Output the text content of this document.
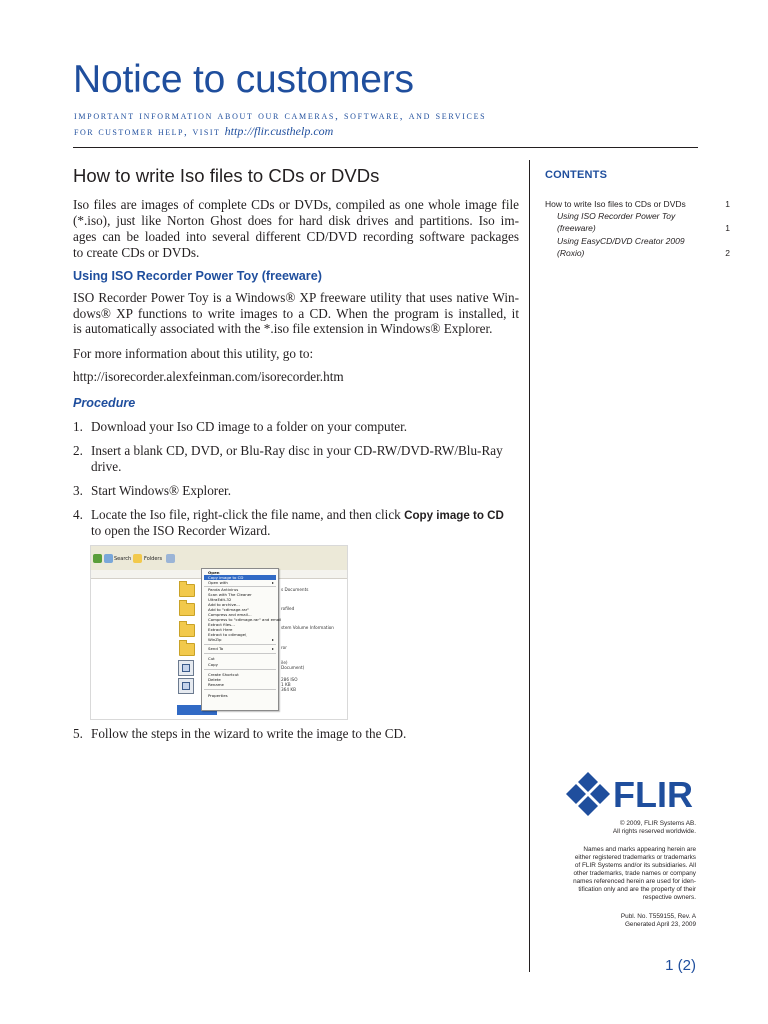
Notice to customers
important information about our cameras, software, and services
for customer help, visit http://flir.custhelp.com
How to write Iso files to CDs or DVDs
Iso files are images of complete CDs or DVDs, compiled as one whole image file
(*.iso), just like Norton Ghost does for hard disk drives and partitions. Iso im-
ages can be loaded into several different CD/DVD recording software packages
to create CDs or DVDs.
Using ISO Recorder Power Toy (freeware)
ISO Recorder Power Toy is a Windows® XP freeware utility that uses native Win-
dows® XP functions to write images to a CD. When the program is installed, it
is automatically associated with the *.iso file extension in Windows® Explorer.
For more information about this utility, go to:
http://isorecorder.alexfeinman.com/isorecorder.htm
Procedure
1. Download your Iso CD image to a folder on your computer.
2. Insert a blank CD, DVD, or Blu-Ray disc in your CD-RW/DVD-RW/Blu-Ray
drive.
3. Start Windows® Explorer.
4. Locate the Iso file, right-click the file name, and then click Copy image to CD
to open the ISO Recorder Wizard.
5. Follow the steps in the wizard to write the image to the CD.
Search	Folders
s Documents
rofiled
stem Volume Information
ror
ile)
Document)
286 ISO
1 KB
364 KB
Open
Copy image to CD
Open with	▸
Panda Antivirus
Scan with The Cleaner
UltraEdit-32
Add to archive...
Add to "cdimage.rar"
Compress and email...
Compress to "cdimage.rar" and email
Extract files...
Extract Here
Extract to cdimage\
WinZip	▸
Send To	▸
Cut
Copy
Create Shortcut
Delete
Rename
Properties
CONTENTS
How to write Iso files to CDs or DVDs	1
Using ISO Recorder Power Toy
(freeware)	1
Using EasyCD/DVD Creator 2009
(Roxio)	2
FLIR
© 2009, FLIR Systems AB.
All rights reserved worldwide.
Names and marks appearing herein are
either registered trademarks or trademarks
of FLIR Systems and/or its subsidiaries. All
other trademarks, trade names or company
names referenced herein are used for iden-
tification only and are the property of their
respective owners.
Publ. No. T559155, Rev. A
Generated April 23, 2009
1 (2)
